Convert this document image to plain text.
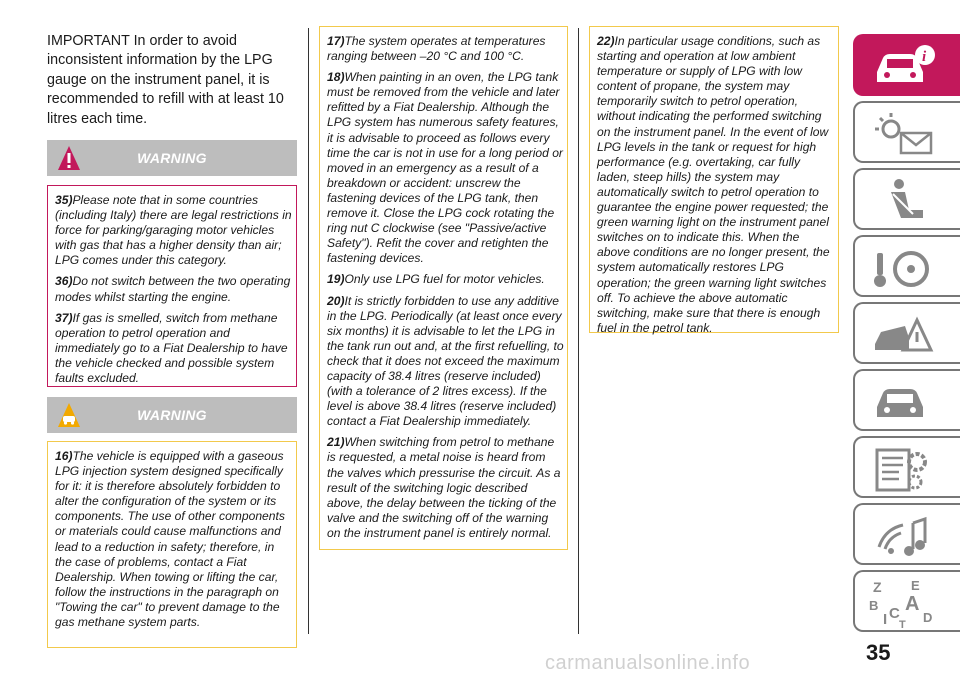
IMPORTANT In order to avoid inconsistent information by the LPG gauge on the instrument panel, it is recommended to refill with at least 10 litres each time.
WARNING

35)Please note that in some countries (including Italy) there are legal restrictions in force for parking/garaging motor vehicles with gas that has a higher density than air; LPG comes under this category.

36)Do not switch between the two operating modes whilst starting the engine.

37)If gas is smelled, switch from methane operation to petrol operation and immediately go to a Fiat Dealership to have the vehicle checked and possible system faults excluded.

WARNING

16)The vehicle is equipped with a gaseous LPG injection system designed specifically for it: it is therefore absolutely forbidden to alter the configuration of the system or its components. The use of other components or materials could cause malfunctions and lead to a reduction in safety; therefore, in the case of problems, contact a Fiat Dealership. When towing or lifting the car, follow the instructions in the paragraph on "Towing the car" to prevent damage to the gas methane system parts.

17)The system operates at temperatures ranging between –20 °C and 100 °C.

18)When painting in an oven, the LPG tank must be removed from the vehicle and later refitted by a Fiat Dealership. Although the LPG system has numerous safety features, it is advisable to proceed as follows every time the car is not in use for a long period or moved in an emergency as a result of a breakdown or accident: unscrew the fastening devices of the LPG tank, then remove it. Close the LPG cock rotating the ring nut C clockwise (see "Passive/active Safety"). Refit the cover and retighten the fastening devices.

19)Only use LPG fuel for motor vehicles.

20)It is strictly forbidden to use any additive in the LPG. Periodically (at least once every six months) it is advisable to let the LPG in the tank run out and, at the first refuelling, to check that it does not exceed the maximum capacity of 38.4 litres (reserve included) (with a tolerance of 2 litres excess). If the level is above 38.4 litres (reserve included) contact a Fiat Dealership immediately.

21)When switching from petrol to methane is requested, a metal noise is heard from the valves which pressurise the circuit. As a result of the switching logic described above, the delay between the ticking of the valve and the switching off of the warning on the instrument panel is entirely normal.

22)In particular usage conditions, such as starting and operation at low ambient temperature or supply of LPG with low content of propane, the system may temporarily switch to petrol operation, without indicating the performed switching on the instrument panel. In the event of low LPG levels in the tank or request for high performance (e.g. overtaking, car fully laden, steep hills) the system may automatically switch to petrol operation to guarantee the engine power requested; the green warning light on the instrument panel switches on to indicate this. When the above conditions are no longer present, the system automatically restores LPG operation; the green warning light switches off. To achieve the above automatic switching, make sure that there is enough fuel in the petrol tank.

i
Z E
B A
I C D
T
35
carmanualsonline.info
